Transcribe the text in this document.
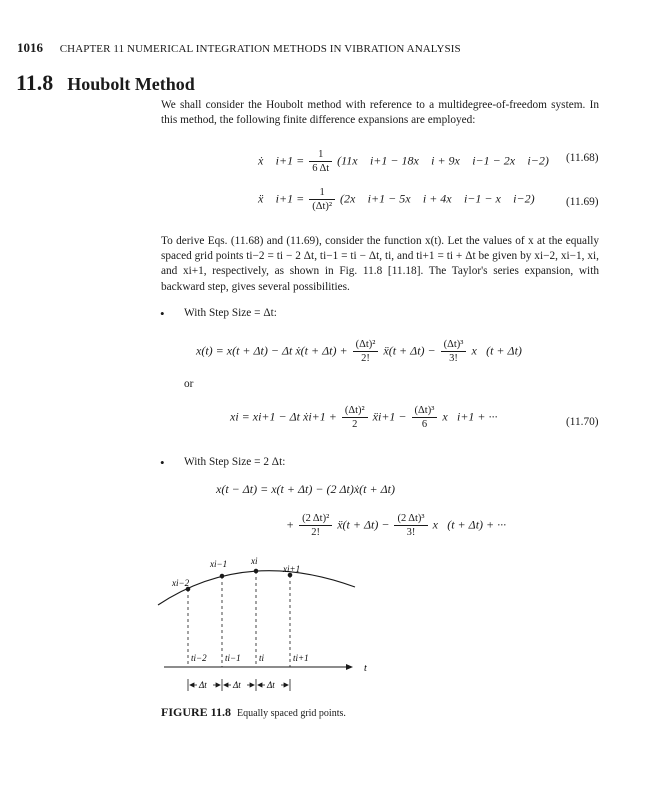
1016 CHAPTER 11 NUMERICAL INTEGRATION METHODS IN VIBRATION ANALYSIS
11.8 Houbolt Method
We shall consider the Houbolt method with reference to a multidegree-of-freedom system. In this method, the following finite difference expansions are employed:
ẋ⃗ $i+1 = \frac{1}{6 \Delta t}$ (11x⃗ i+1 − 18x⃗ i + 9x⃗ i−1 − 2x⃗ i−2) (11.68)
ẍ⃗ $i+1 = \frac{1}{\text{(Δt)²}}$ (2x⃗ i+1 − 5x⃗ i + 4x⃗ i−1 − x⃗ i−2)	(11.69)
To derive Eqs. (11.68) and (11.69), consider the function x(t). Let the values of x at the equally spaced grid points ti−2 = ti − 2 Δt, ti−1 = ti − Δt, ti, and ti+1 = ti + Δt be given by xi−2, xi−1, xi, and xi+1, respectively, as shown in Fig. 11.8 [11.18]. The Taylor's series expansion, with backward step, gives several possibilities.
• With Step Size = Δt:
x(t) = x(t + Δt) − Δt ẋ(t + $\Delta t) + \frac{\text{(Δt)²}}{2!}$ ẍ(t + $\Delta t) - \frac{\text{(Δt)³}}{3!}$ x⃛(t + Δt)
or
xi = xi+1 − Δt ẋi+1 + $\frac{\text{(Δt)²}}{2}$ ẍi+1 − $\frac{\text{(Δt)³}}{6}$ x⃛i+1 + ···	(11.70)
• With Step Size = 2 Δt:
x(t − Δt) = x(t + Δt) − (2 Δt)ẋ(t + Δt)
+ $\frac{\text{(2 Δt)²}}{2!}$ ẍ(t + $\Delta t) - \frac{\text{(2 Δt)³}}{3!}$ x⃛(t + Δt) + ···
xi−2
xi−1	xi
xi+1
t
ti−2 ti−1 ti	ti+1
Δt	Δt	Δt
FIGURE 11.8 Equally spaced grid points.
